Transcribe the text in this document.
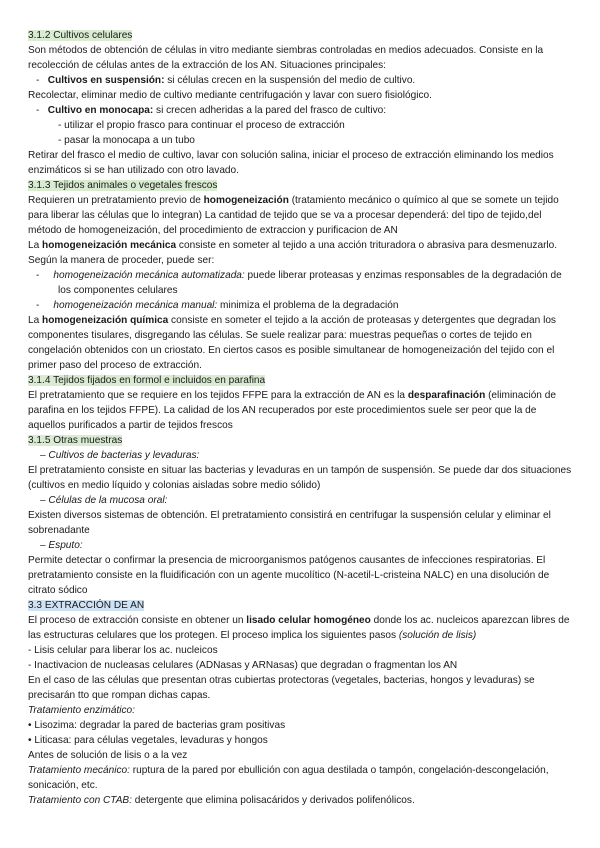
3.1.2 Cultivos celulares

Son métodos de obtención de células in vitro mediante siembras controladas en medios adecuados. Consiste en la recolección de células antes de la extracción de los AN. Situaciones principales:

-   Cultivos en suspensión: si células crecen en la suspensión del medio de cultivo.

Recolectar, eliminar medio de cultivo mediante centrifugación y lavar con suero fisiológico.

-   Cultivo en monocapa: si crecen adheridas a la pared del frasco de cultivo:
- utilizar el propio frasco para continuar el proceso de extracción
- pasar la monocapa a un tubo

Retirar del frasco el medio de cultivo, lavar con solución salina, iniciar el proceso de extracción eliminando los medios enzimáticos si se han utilizado con otro lavado.

3.1.3 Tejidos animales o vegetales frescos

Requieren un pretratamiento previo de homogeneización (tratamiento mecánico o químico al que se somete un tejido para liberar las células que lo integran) La cantidad de tejido que se va a procesar dependerá: del tipo de tejido,del método de homogeneización, del procedimiento de extraccion y purificacion de AN

La homogeneización mecánica consiste en someter al tejido a una acción trituradora o abrasiva para desmenuzarlo. Según la manera de proceder, puede ser:

-     homogeneización mecánica automatizada: puede liberar proteasas y enzimas responsables de la degradación de los componentes celulares
-     homogeneización mecánica manual: minimiza el problema de la degradación

La homogeneización química consiste en someter el tejido a la acción de proteasas y detergentes que degradan los componentes tisulares, disgregando las células. Se suele realizar para: muestras pequeñas o cortes de tejido en congelación obtenidos con un criostato. En ciertos casos es posible simultanear de homogeneización del tejido con el primer paso del proceso de extracción.

3.1.4 Tejidos fijados en formol e incluidos en parafina

El pretratamiento que se requiere en los tejidos FFPE para la extracción de AN es la desparafinación (eliminación de parafina en los tejidos FFPE). La calidad de los AN recuperados por este procedimientos suele ser peor que la de aquellos purificados a partir de tejidos frescos

3.1.5 Otras muestras
– Cultivos de bacterias y levaduras:

El pretratamiento consiste en situar las bacterias y levaduras en un tampón de suspensión. Se puede dar dos situaciones (cultivos en medio líquido y colonias aisladas sobre medio sólido)

– Células de la mucosa oral:

Existen diversos sistemas de obtención. El pretratamiento consistirá en centrifugar la suspensión celular y eliminar el sobrenadante

– Esputo:

Permite detectar o confirmar la presencia de microorganismos patógenos causantes de infecciones respiratorias. El pretratamiento consiste en la fluidificación con un agente mucolítico (N-acetil-L-cristeina NALC) en una disolución de citrato sódico

3.3 EXTRACCIÓN DE AN

El proceso de extracción consiste en obtener un lisado celular homogéneo donde los ac. nucleicos aparezcan libres de las estructuras celulares que los protegen. El proceso implica los siguientes pasos (solución de lisis)

- Lisis celular para liberar los ac. nucleicos
- Inactivacion de nucleasas celulares (ADNasas y ARNasas) que degradan o fragmentan los AN

En el caso de las células que presentan otras cubiertas protectoras (vegetales, bacterias, hongos y levaduras) se precisarán tto que rompan dichas capas.

Tratamiento enzimático:
• Lisozima: degradar la pared de bacterias gram positivas
• Liticasa: para células vegetales, levaduras y hongos
Antes de solución de lisis o a la vez

Tratamiento mecánico: ruptura de la pared por ebullición con agua destilada o tampón, congelación-descongelación, sonicación, etc.

Tratamiento con CTAB: detergente que elimina polisacáridos y derivados polifenólicos.
